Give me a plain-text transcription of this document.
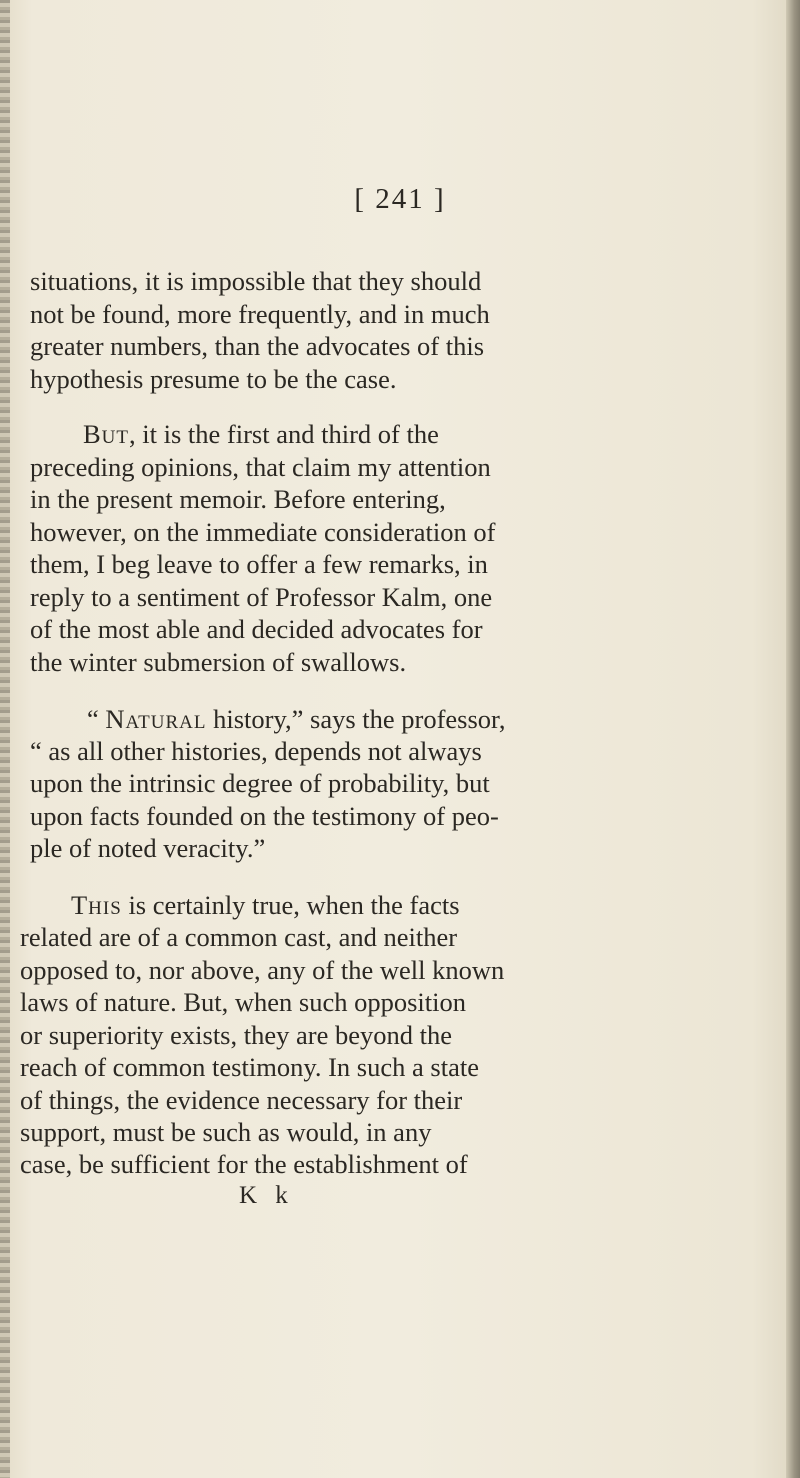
[ 241 ]
situations, it is impossible that they should
not be found, more frequently, and in much
greater numbers, than the advocates of this
hypothesis presume to be the case.
But, it is the first and third of the
preceding opinions, that claim my attention
in the present memoir. Before entering,
however, on the immediate consideration of
them, I beg leave to offer a few remarks, in
reply to a sentiment of Professor Kalm, one
of the most able and decided advocates for
the winter submersion of swallows.
“ Natural history,” says the professor,
“ as all other histories, depends not always
upon the intrinsic degree of probability, but
upon facts founded on the testimony of peo-
ple of noted veracity.”
This is certainly true, when the facts
related are of a common cast, and neither
opposed to, nor above, any of the well known
laws of nature. But, when such opposition
or superiority exists, they are beyond the
reach of common testimony. In such a state
of things, the evidence necessary for their
support, must be such as would, in any
case, be sufficient for the establishment of
K k
